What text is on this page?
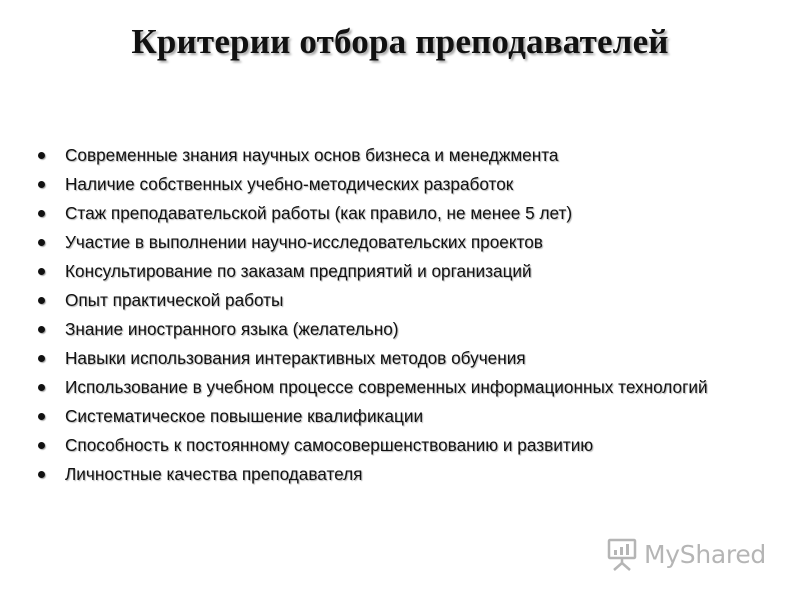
Критерии отбора преподавателей
Современные знания научных основ бизнеса и менеджмента
Наличие собственных учебно-методических разработок
Стаж преподавательской работы (как правило, не менее 5 лет)
Участие в выполнении научно-исследовательских проектов
Консультирование по заказам предприятий и организаций
Опыт практической работы
Знание иностранного языка (желательно)
Навыки использования интерактивных методов обучения
Использование в учебном процессе современных информационных технологий
Систематическое повышение квалификации
Способность к постоянному самосовершенствованию и развитию
Личностные качества преподавателя
MyShared
